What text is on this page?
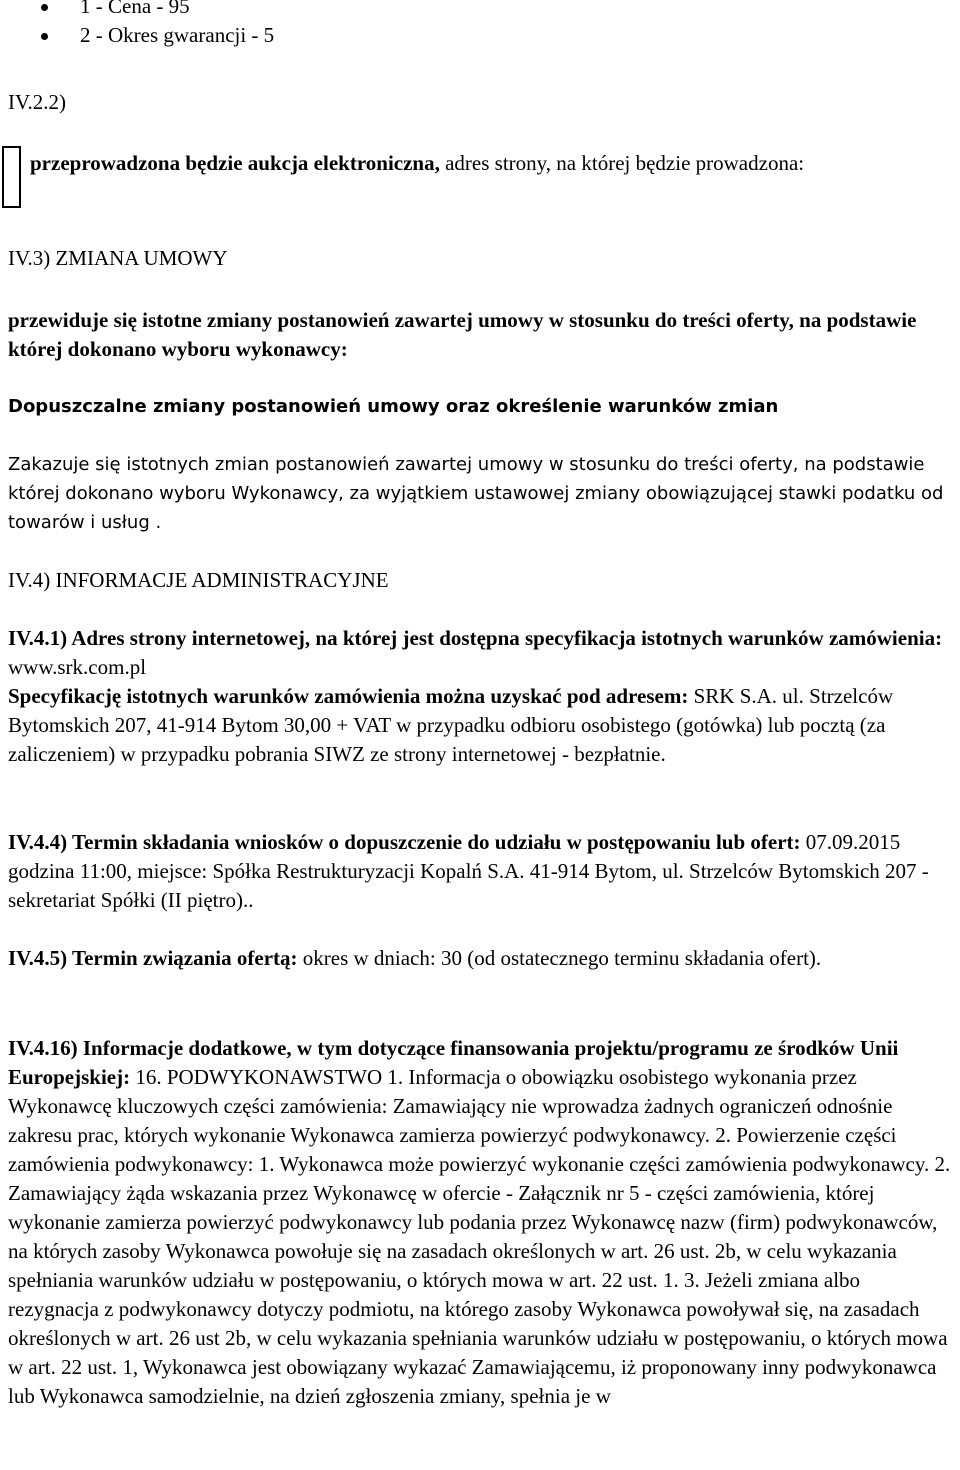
1 - Cena - 95
2 - Okres gwarancji - 5

IV.2.2)

przeprowadzona będzie aukcja elektroniczna, adres strony, na której będzie prowadzona:

IV.3) ZMIANA UMOWY

przewiduje się istotne zmiany postanowień zawartej umowy w stosunku do treści oferty, na podstawie której dokonano wyboru wykonawcy:

Dopuszczalne zmiany postanowień umowy oraz określenie warunków zmian

Zakazuje się istotnych zmian postanowień zawartej umowy w stosunku do treści oferty, na podstawie której dokonano wyboru Wykonawcy, za wyjątkiem ustawowej zmiany obowiązującej stawki podatku od towarów i usług .

IV.4) INFORMACJE ADMINISTRACYJNE

IV.4.1) Adres strony internetowej, na której jest dostępna specyfikacja istotnych warunków zamówienia: www.srk.com.pl
Specyfikację istotnych warunków zamówienia można uzyskać pod adresem: SRK S.A. ul. Strzelców Bytomskich 207, 41-914 Bytom 30,00 + VAT w przypadku odbioru osobistego (gotówka) lub pocztą (za zaliczeniem) w przypadku pobrania SIWZ ze strony internetowej - bezpłatnie.

IV.4.4) Termin składania wniosków o dopuszczenie do udziału w postępowaniu lub ofert: 07.09.2015 godzina 11:00, miejsce: Spółka Restrukturyzacji Kopalń S.A. 41-914 Bytom, ul. Strzelców Bytomskich 207 - sekretariat Spółki (II piętro)..

IV.4.5) Termin związania ofertą: okres w dniach: 30 (od ostatecznego terminu składania ofert).

IV.4.16) Informacje dodatkowe, w tym dotyczące finansowania projektu/programu ze środków Unii Europejskiej: 16. PODWYKONAWSTWO 1. Informacja o obowiązku osobistego wykonania przez Wykonawcę kluczowych części zamówienia: Zamawiający nie wprowadza żadnych ograniczeń odnośnie zakresu prac, których wykonanie Wykonawca zamierza powierzyć podwykonawcy. 2. Powierzenie części zamówienia podwykonawcy: 1. Wykonawca może powierzyć wykonanie części zamówienia podwykonawcy. 2. Zamawiający żąda wskazania przez Wykonawcę w ofercie - Załącznik nr 5 - części zamówienia, której wykonanie zamierza powierzyć podwykonawcy lub podania przez Wykonawcę nazw (firm) podwykonawców, na których zasoby Wykonawca powołuje się na zasadach określonych w art. 26 ust. 2b, w celu wykazania spełniania warunków udziału w postępowaniu, o których mowa w art. 22 ust. 1. 3. Jeżeli zmiana albo rezygnacja z podwykonawcy dotyczy podmiotu, na którego zasoby Wykonawca powoływał się, na zasadach określonych w art. 26 ust 2b, w celu wykazania spełniania warunków udziału w postępowaniu, o których mowa w art. 22 ust. 1, Wykonawca jest obowiązany wykazać Zamawiającemu, iż proponowany inny podwykonawca lub Wykonawca samodzielnie, na dzień zgłoszenia zmiany, spełnia je w
